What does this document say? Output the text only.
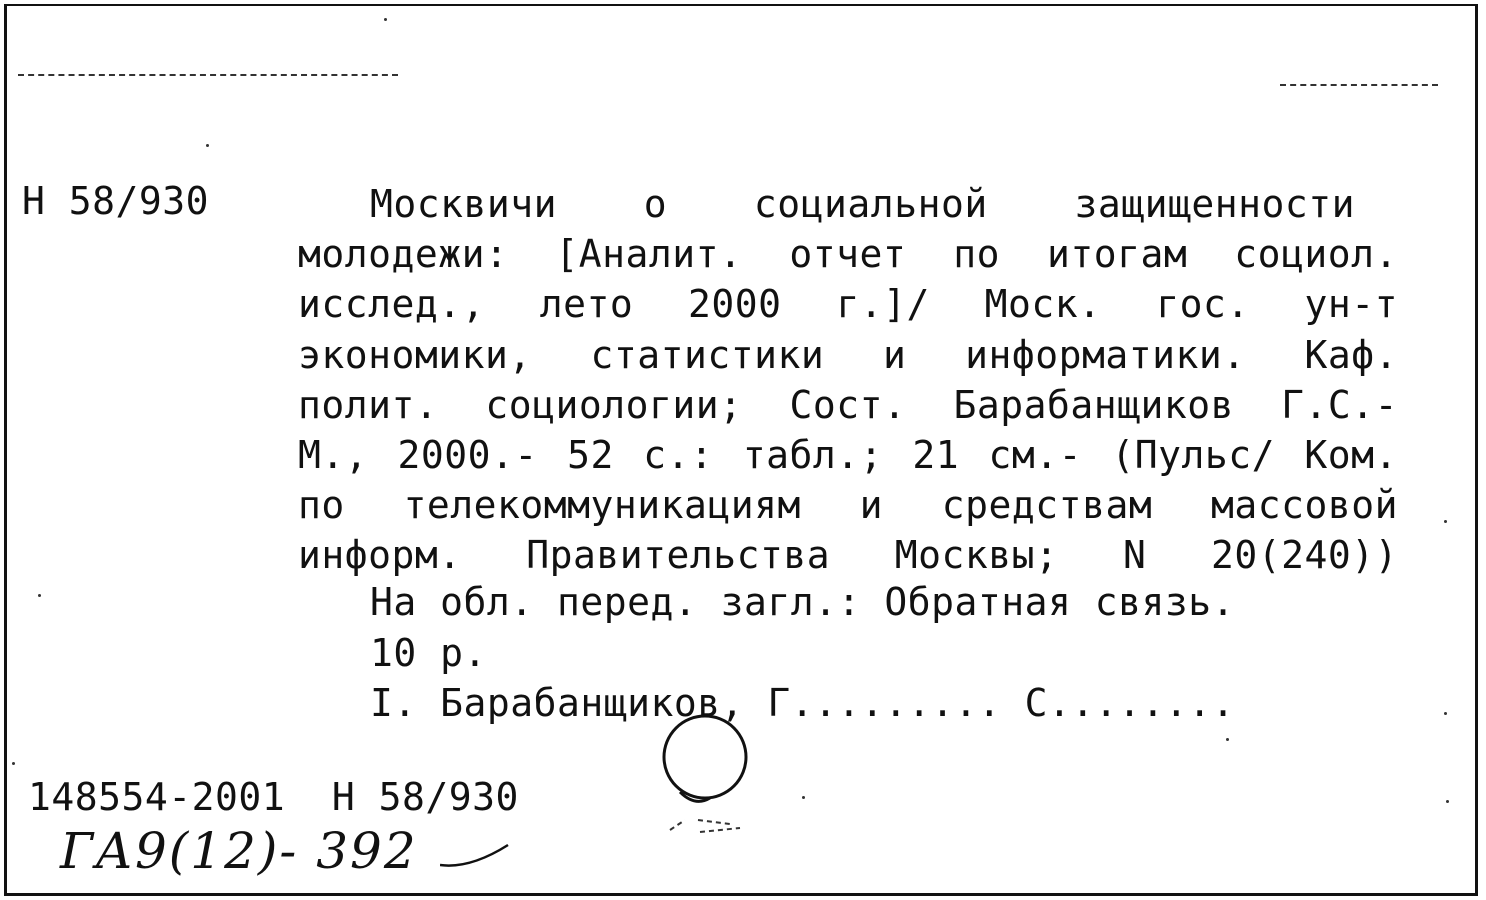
Н 58/930	Москвичи о социальной защищенности
молодежи: [Аналит. отчет по итогам социол.
исслед., лето 2000 г.]/ Моск. гос. ун-т
экономики, статистики и информатики. Каф.
полит. социологии; Сост. Барабанщиков Г.С.-
М., 2000.- 52 с.: табл.; 21 см.- (Пульс/ Ком.
по телекоммуникациям и средствам массовой
информ. Правительства Москвы; N 20(240))
На обл. перед. загл.: Обратная связь.
10 р.
I. Барабанщиков, Г......... С........
148554-2001  Н 58/930
ГА9(12)- 392
